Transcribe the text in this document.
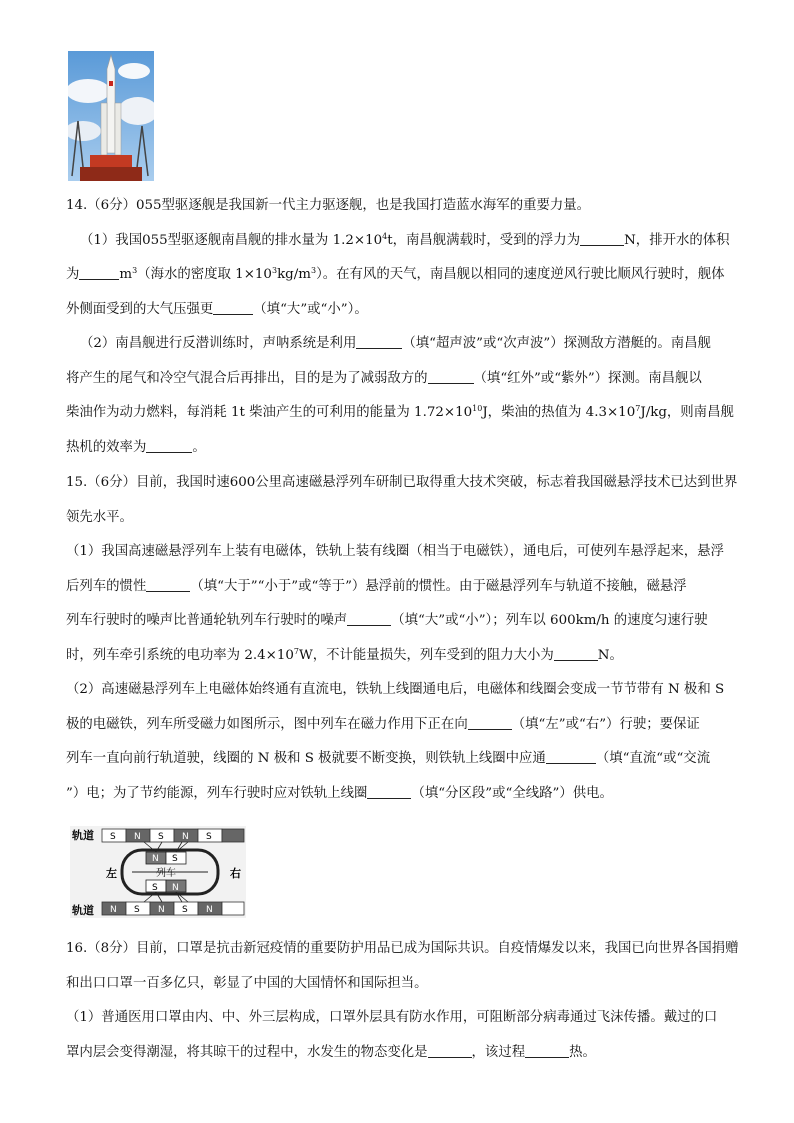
14.（6分）055型驱逐舰是我国新一代主力驱逐舰，也是我国打造蓝水海军的重要力量。
（1）我国055型驱逐舰南昌舰的排水量为 $1.2\times 10^4t$，南昌舰满载时，受到的浮力为	N，排开水的体积
为	$m^3$（海水的密度取 $1\times 10^3kg/m^3$）。在有风的天气，南昌舰以相同的速度逆风行驶比顺风行驶时，舰体
外侧面受到的大气压强更	（填“大”或“小”）。
（2）南昌舰进行反潜训练时，声呐系统是利用	（填“超声波”或“次声波”）探测敌方潜艇的。南昌舰
将产生的尾气和冷空气混合后再排出，目的是为了减弱敌方的	（填“红外”或“紫外”）探测。南昌舰以
柴油作为动力燃料，每消耗 1t 柴油产生的可利用的能量为 $1.72\times 10^{10}J$，柴油的热值为 $4.3\times 10^7J/kg$，则南昌舰
热机的效率为	。
15.（6分）目前，我国时速600公里高速磁悬浮列车研制已取得重大技术突破，标志着我国磁悬浮技术已达到世界
领先水平。
（1）我国高速磁悬浮列车上装有电磁体，铁轨上装有线圈（相当于电磁铁），通电后，可使列车悬浮起来，悬浮
后列车的惯性	（填“大于”“小于”或“等于”）悬浮前的惯性。由于磁悬浮列车与轨道不接触，磁悬浮
列车行驶时的噪声比普通轮轨列车行驶时的噪声	（填“大”或“小”）；列车以 600km/h 的速度匀速行驶
时，列车牵引系统的电功率为 $2.4\times 10^7W$，不计能量损失，列车受到的阻力大小为	N。
（2）高速磁悬浮列车上电磁体始终通有直流电，铁轨上线圈通电后，电磁体和线圈会变成一节节带有 N 极和 S
极的电磁铁，列车所受磁力如图所示，图中列车在磁力作用下正在向	（填“左”或“右”）行驶；要保证
列车一直向前行轨道驶，线圈的 N 极和 S 极就要不断变换，则铁轨上线圈中应通	（填“直流“或“交流
”）电；为了节约能源，列车行驶时应对铁轨上线圈	（填“分区段”或“全线路”）供电。
轨道
轨道
左	右
S N S N S
N S N S N
N S
S N
列车
16.（8分）目前，口罩是抗击新冠疫情的重要防护用品已成为国际共识。自疫情爆发以来，我国已向世界各国捐赠
和出口口罩一百多亿只，彰显了中国的大国情怀和国际担当。
（1）普通医用口罩由内、中、外三层构成，口罩外层具有防水作用，可阻断部分病毒通过飞沫传播。戴过的口
罩内层会变得潮湿，将其晾干的过程中，水发生的物态变化是	，该过程	热。
